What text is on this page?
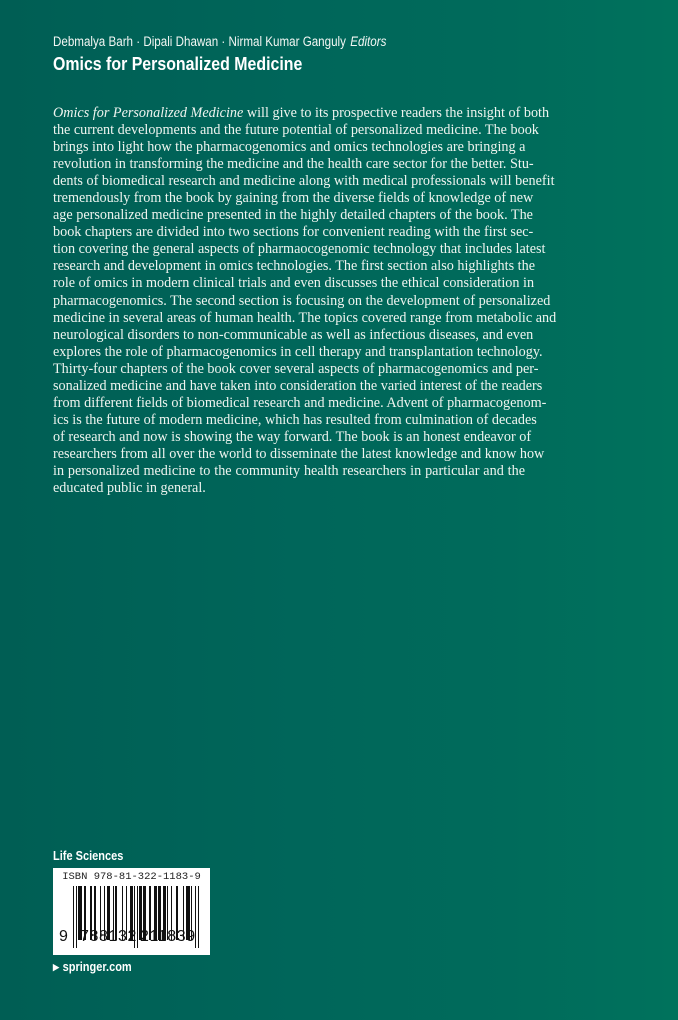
Debmalya Barh · Dipali Dhawan · Nirmal Kumar Ganguly Editors
Omics for Personalized Medicine
Omics for Personalized Medicine will give to its prospective readers the insight of both
the current developments and the future potential of personalized medicine. The book
brings into light how the pharmacogenomics and omics technologies are bringing a
revolution in transforming the medicine and the health care sector for the better. Stu-
dents of biomedical research and medicine along with medical professionals will benefit
tremendously from the book by gaining from the diverse fields of knowledge of new
age personalized medicine presented in the highly detailed chapters of the book. The
book chapters are divided into two sections for convenient reading with the first sec-
tion covering the general aspects of pharmaocogenomic technology that includes latest
research and development in omics technologies. The first section also highlights the
role of omics in modern clinical trials and even discusses the ethical consideration in
pharmacogenomics. The second section is focusing on the development of personalized
medicine in several areas of human health. The topics covered range from metabolic and
neurological disorders to non-communicable as well as infectious diseases, and even
explores the role of pharmacogenomics in cell therapy and transplantation technology.
Thirty-four chapters of the book cover several aspects of pharmacogenomics and per-
sonalized medicine and have taken into consideration the varied interest of the readers
from different fields of biomedical research and medicine. Advent of pharmacogenom-
ics is the future of modern medicine, which has resulted from culmination of decades
of research and now is showing the way forward. The book is an honest endeavor of
researchers from all over the world to disseminate the latest knowledge and know how
in personalized medicine to the community health researchers in particular and the
educated public in general.
Life Sciences
ISBN 978-81-322-1183-9
9 788132 211839
▶ springer.com
